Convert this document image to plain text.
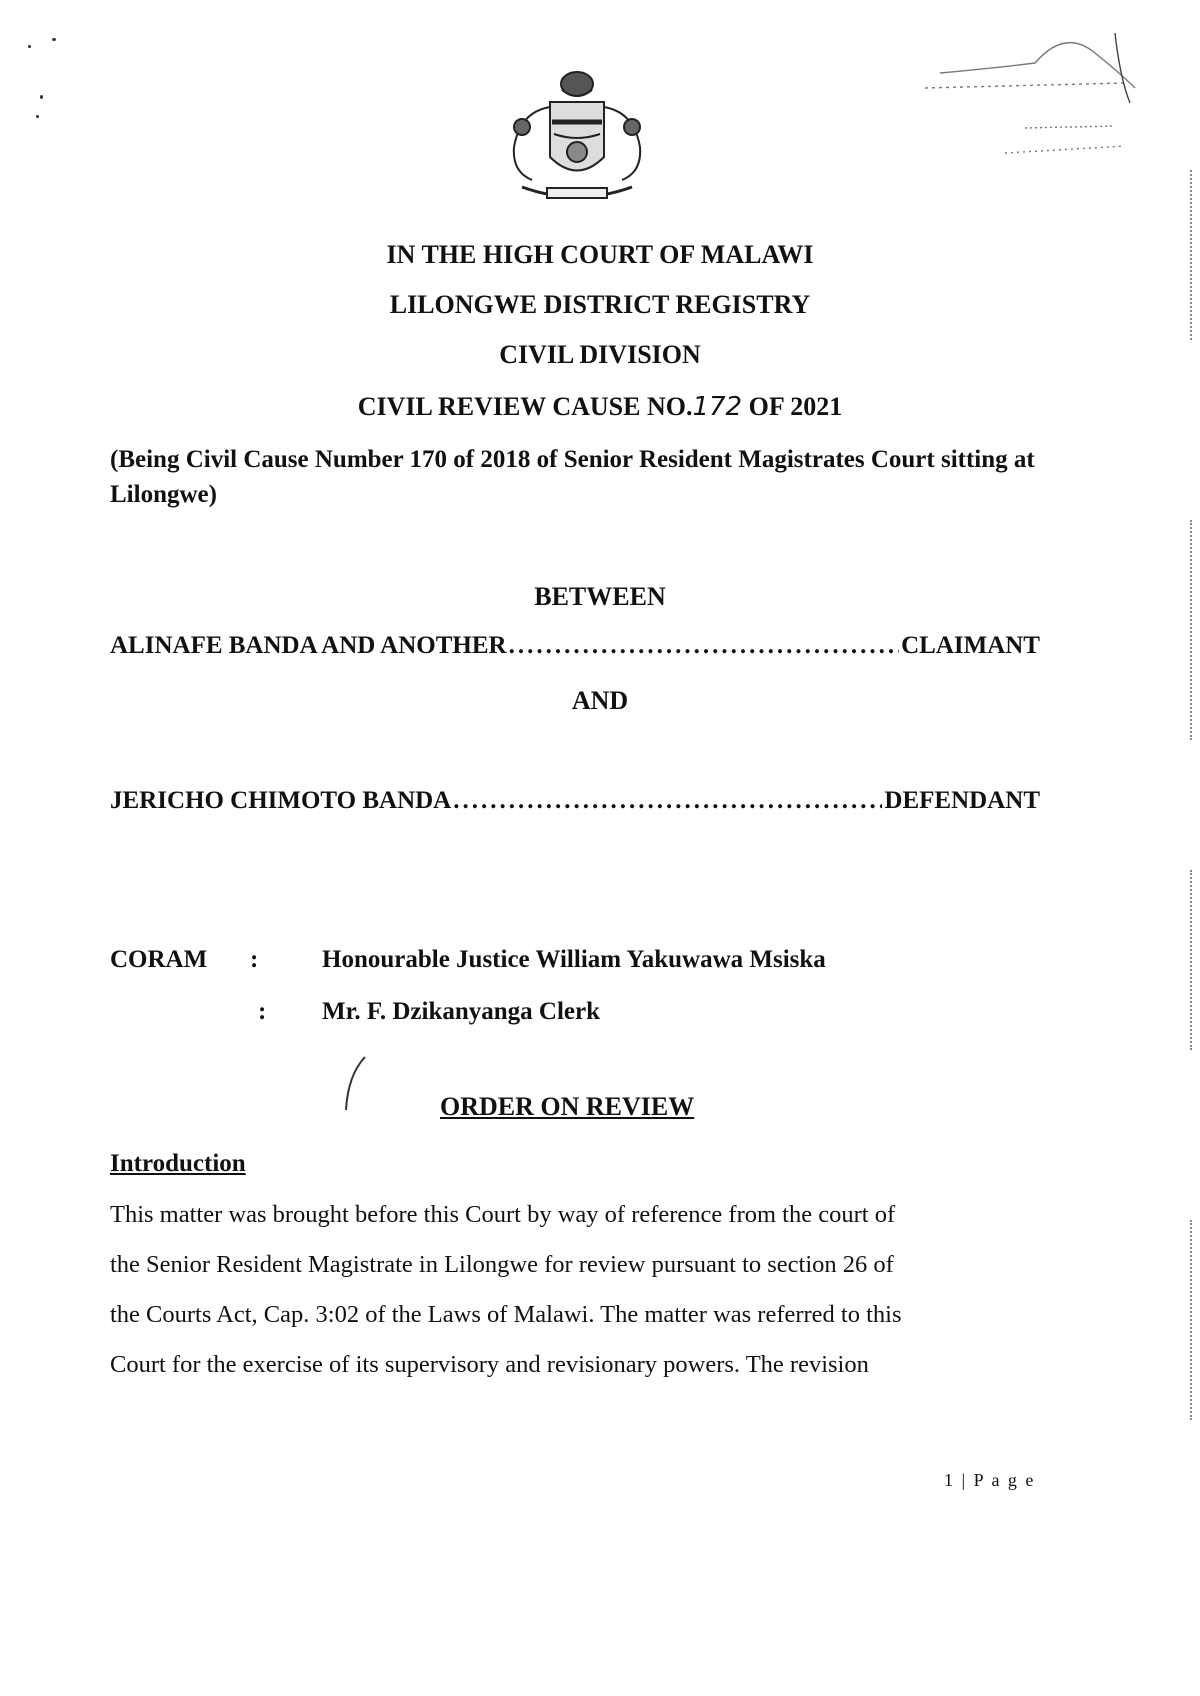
IN THE HIGH COURT OF MALAWI
LILONGWE DISTRICT REGISTRY
CIVIL DIVISION
CIVIL REVIEW CAUSE NO.172 OF 2021
(Being Civil Cause Number 170 of 2018 of Senior Resident Magistrates Court sitting at Lilongwe)
BETWEEN
ALINAFE BANDA AND ANOTHER .....	CLAIMANT
AND
JERICHO CHIMOTO BANDA .....	DEFENDANT
CORAM :	Honourable Justice William Yakuwawa Msiska
: Mr. F. Dzikanyanga Clerk
ORDER ON REVIEW
Introduction
This matter was brought before this Court by way of reference from the court of
the Senior Resident Magistrate in Lilongwe for review pursuant to section 26 of
the Courts Act, Cap. 3:02 of the Laws of Malawi. The matter was referred to this
Court for the exercise of its supervisory and revisionary powers. The revision
1 | P a g e
